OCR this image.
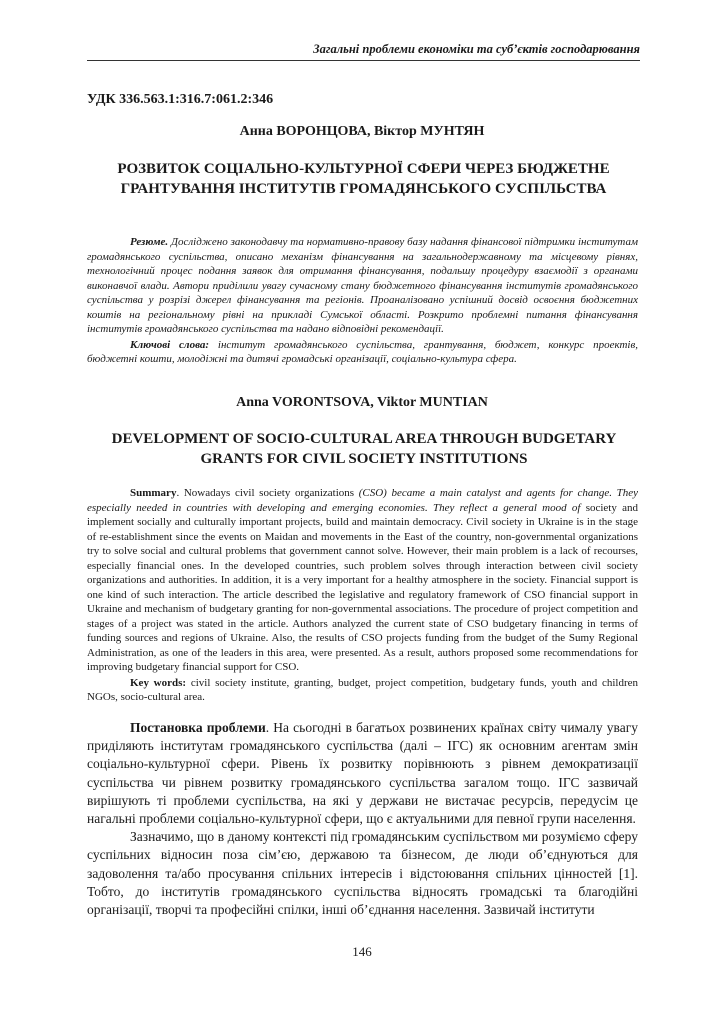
Загальні проблеми економіки та суб’єктів господарювання
УДК 336.563.1:316.7:061.2:346
Анна ВОРОНЦОВА, Віктор МУНТЯН
РОЗВИТОК СОЦІАЛЬНО-КУЛЬТУРНОЇ СФЕРИ ЧЕРЕЗ БЮДЖЕТНЕ ГРАНТУВАННЯ ІНСТИТУТІВ ГРОМАДЯНСЬКОГО СУСПІЛЬСТВА

Резюме. Досліджено законодавчу та нормативно-правову базу надання фінансової підтримки інститутам громадянського суспільства, описано механізм фінансування на загальнодержавному та місцевому рівнях, технологічний процес подання заявок для отримання фінансування, подальшу процедуру взаємодії з органами виконавчої влади. Автори приділили увагу сучасному стану бюджетного фінансування інститутів громадянського суспільства у розрізі джерел фінансування та регіонів. Проаналізовано успішний досвід освоєння бюджетних коштів на регіональному рівні на прикладі Сумської області. Розкрито проблемні питання фінансування інститутів громадянського суспільства та надано відповідні рекомендації.

Ключові слова: інститут громадянського суспільства, грантування, бюджет, конкурс проектів, бюджетні кошти, молодіжні та дитячі громадські організації, соціально-культура сфера.

Anna VORONTSOVA, Viktor MUNTIAN
DEVELOPMENT OF SOCIO-CULTURAL AREA THROUGH BUDGETARY GRANTS FOR CIVIL SOCIETY INSTITUTIONS

Summary. Nowadays civil society organizations (CSO) became a main catalyst and agents for change. They especially needed in countries with developing and emerging economies. They reflect a general mood of society and implement socially and culturally important projects, build and maintain democracy. Civil society in Ukraine is in the stage of re-establishment since the events on Maidan and movements in the East of the country, non-governmental organizations try to solve social and cultural problems that government cannot solve. However, their main problem is a lack of recourses, especially financial ones. In the developed countries, such problem solves through interaction between civil society organizations and authorities. In addition, it is a very important for a healthy atmosphere in the society. Financial support is one kind of such interaction. The article described the legislative and regulatory framework of CSO financial support in Ukraine and mechanism of budgetary granting for non-governmental associations. The procedure of project competition and stages of a project was stated in the article. Authors analyzed the current state of CSO budgetary financing in terms of funding sources and regions of Ukraine. Also, the results of CSO projects funding from the budget of the Sumy Regional Administration, as one of the leaders in this area, were presented. As a result, authors proposed some recommendations for improving budgetary financial support for CSO.

Key words: civil society institute, granting, budget, project competition, budgetary funds, youth and children NGOs, socio-cultural area.

Постановка проблеми. На сьогодні в багатьох розвинених країнах світу чималу увагу приділяють інститутам громадянського суспільства (далі – ІГС) як основним агентам змін соціально-культурної сфери. Рівень їх розвитку порівнюють з рівнем демократизації суспільства чи рівнем розвитку громадянського суспільства загалом тощо. ІГС зазвичай вирішують ті проблеми суспільства, на які у держави не вистачає ресурсів, передусім це нагальні проблеми соціально-культурної сфери, що є актуальними для певної групи населення.

Зазначимо, що в даному контексті під громадянським суспільством ми розуміємо сферу суспільних відносин поза сім’єю, державою та бізнесом, де люди об’єднуються для задоволення та/або просування спільних інтересів і відстоювання спільних цінностей [1]. Тобто, до інститутів громадянського суспільства відносять громадські та благодійні організації, творчі та професійні спілки, інші об’єднання населення. Зазвичай інститути

146
